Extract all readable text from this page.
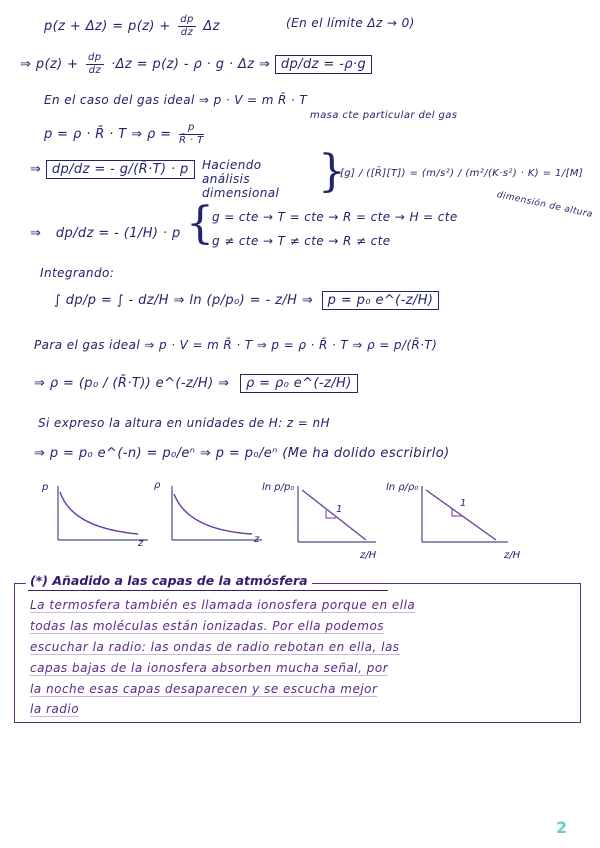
$p(z + \Delta z) = p(z) + \frac{dp}{dz}$ Δz	(En el límite Δz → 0)
⇒ $p(z) + \frac{dp}{dz} \cdot\Delta z = p(z) - \rho \cdot g \cdot \Delta z$ ⇒ dp/dz = -ρ·g
En el caso del gas ideal ⇒ p · V = m R̄ · T
masa cte particular del gas
p = ρ · R̄ · T ⇒ $\rho = \frac{p}{R̄ \cdot T}$
⇒ dp/dz = - g/(R̄·T) · p	Haciendo análisis dimensional }
[g] / ([R̄][T]) = (m/s²) / (m²/(K·s²) · K) = 1/[M]
dimensión de altura
⇒ dp/dz = - (1/H) · p }
g = cte → T = cte → R = cte → H = cte
g ≠ cte → T ≠ cte → R ≠ cte
Integrando:
∫ dp/p = ∫ - dz/H ⇒ ln (p/p₀) = - z/H ⇒ p = p₀ e^(-z/H)
Para el gas ideal ⇒ p · V = m R̄ · T ⇒ p = ρ · R̄ · T ⇒ ρ = p/(R̄·T)
⇒ ρ = (p₀ / (R̄·T)) e^(-z/H) ⇒ ρ = ρ₀ e^(-z/H)
Si expreso la altura en unidades de H: z = nH
⇒ p = p₀ e^(-n) = p₀/eⁿ ⇒ p = p₀/eⁿ (Me ha dolido escribirlo)
p
z
ρ
z
ln p/p₀
1
z/H
ln ρ/ρ₀
1
z/H
(*) Añadido a las capas de la atmósfera
La termosfera también es llamada ionosfera porque en ella
todas las moléculas están ionizadas. Por ella podemos
escuchar la radio: las ondas de radio rebotan en ella, las
capas bajas de la ionosfera absorben mucha señal, por
la noche esas capas desaparecen y se escucha mejor
la radio
2
